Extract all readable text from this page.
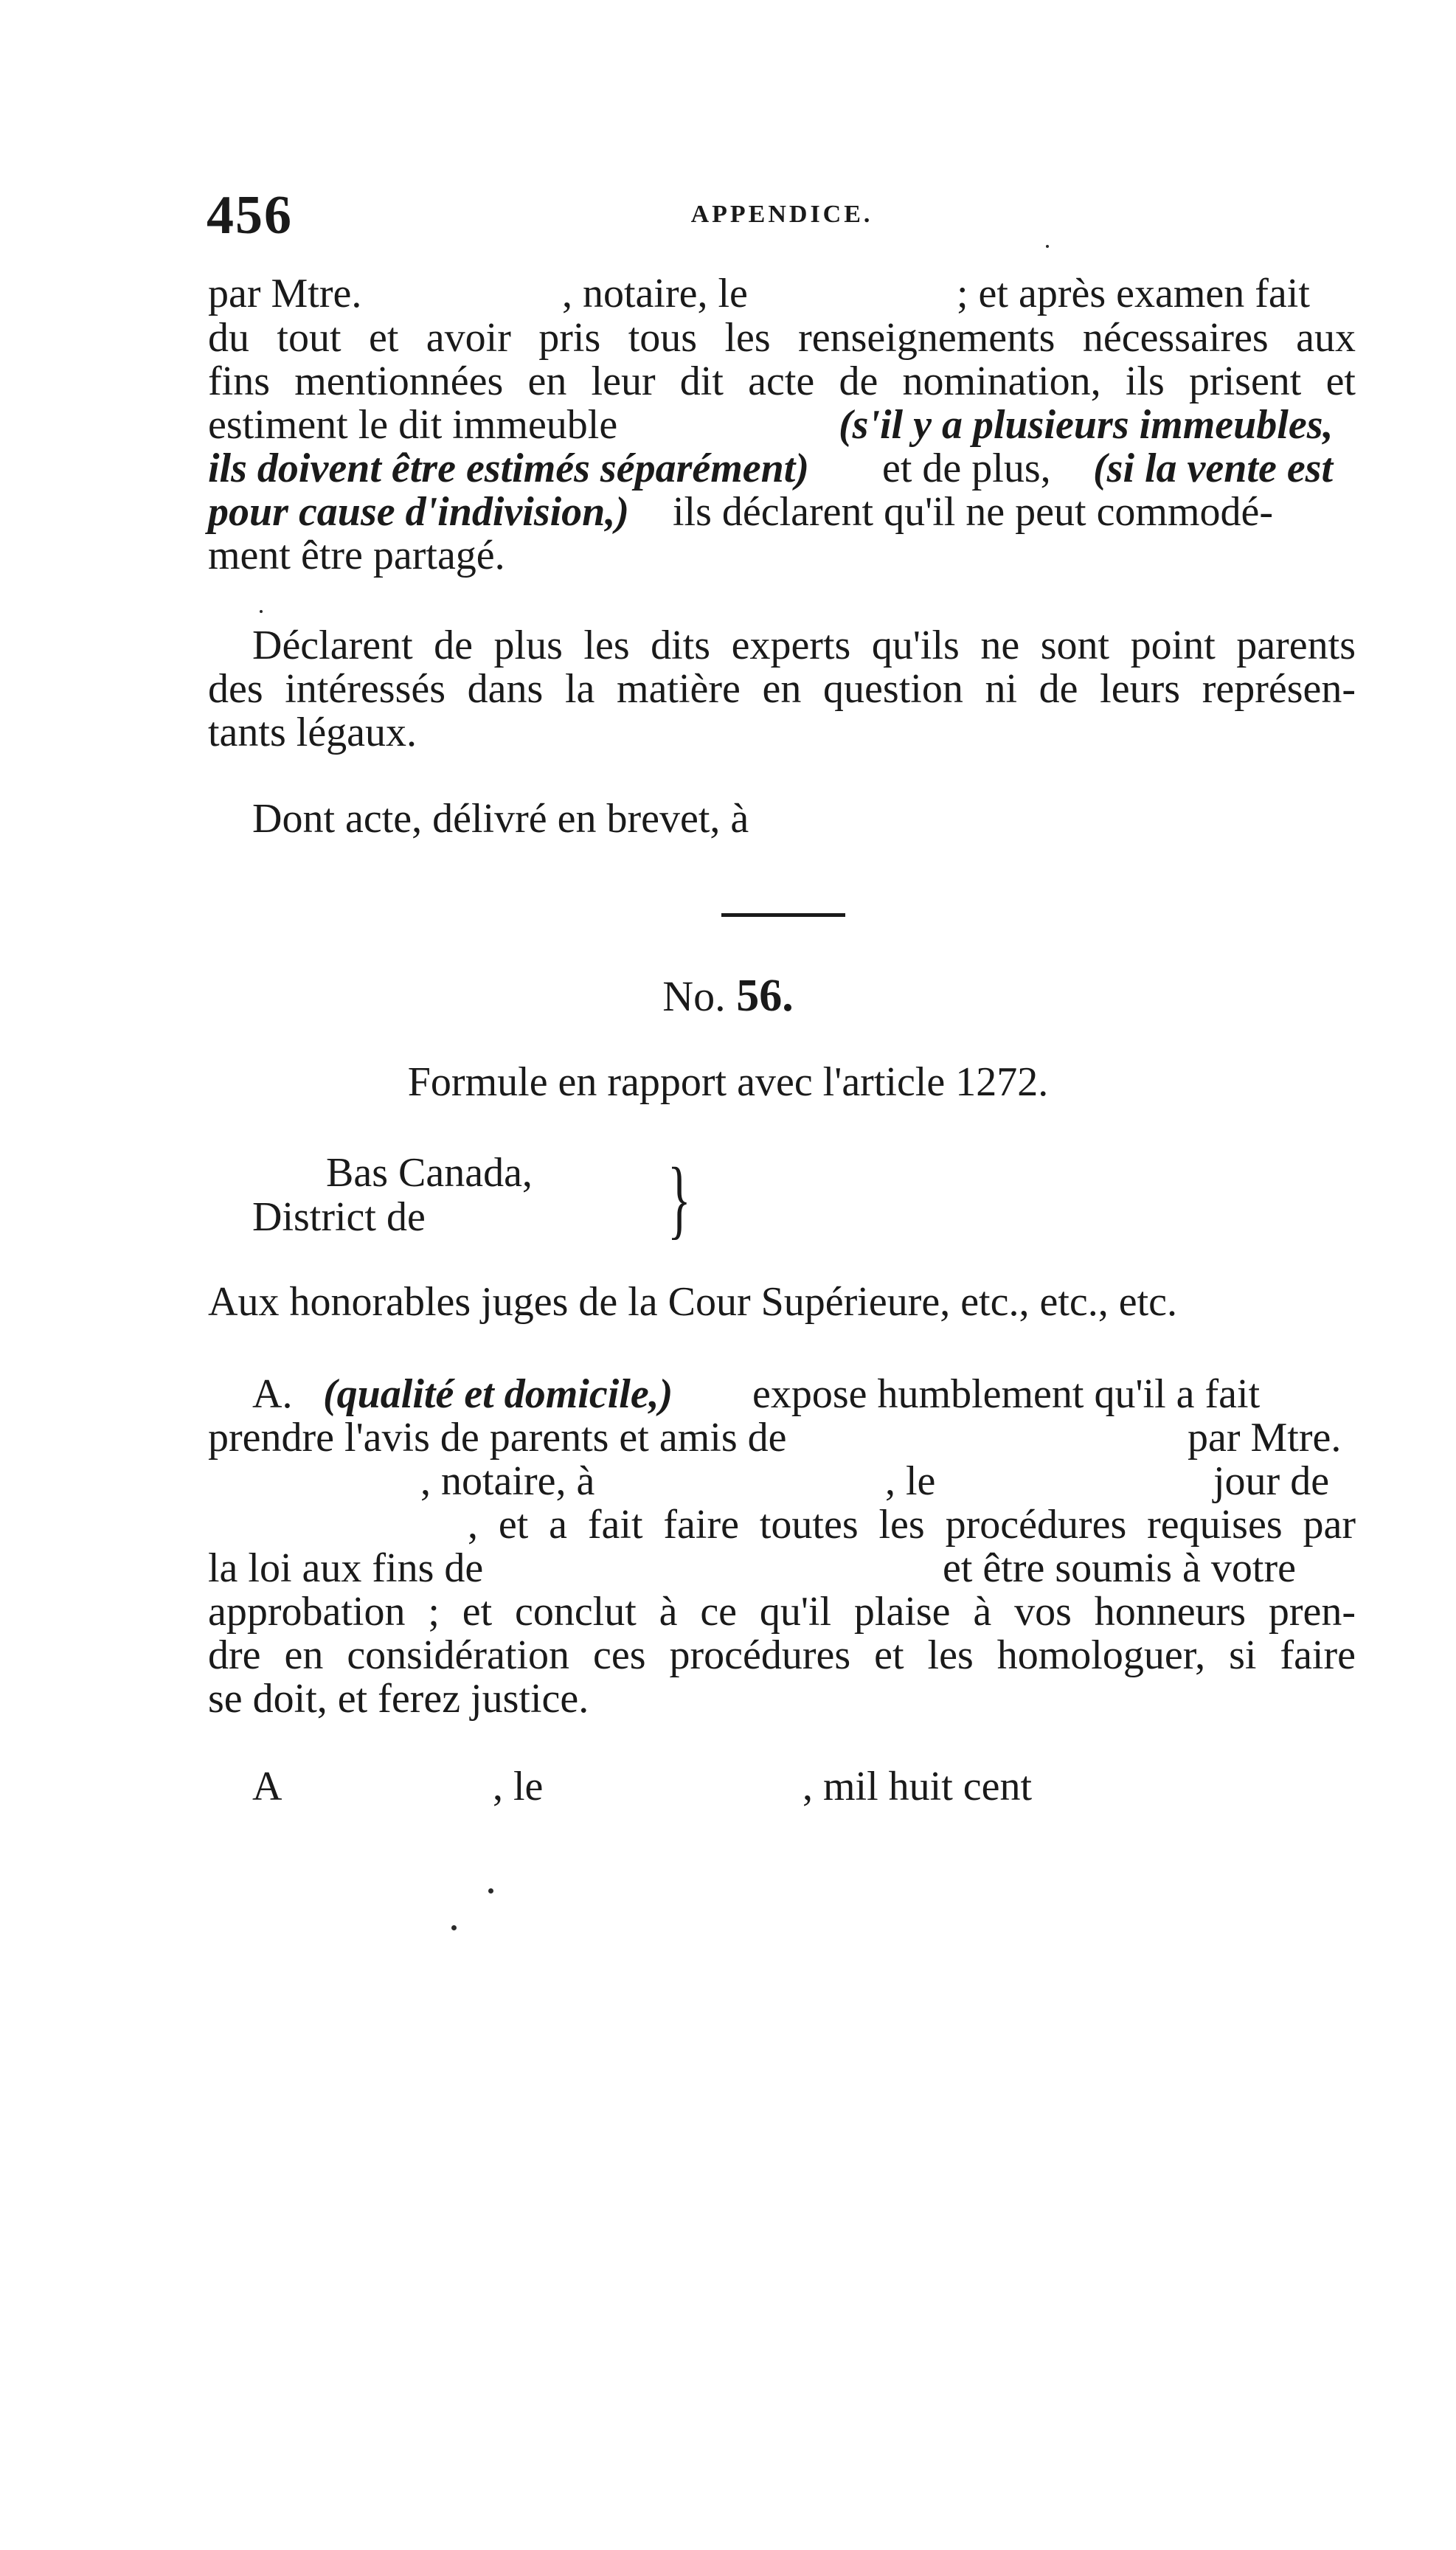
456	APPENDICE.
par Mtre.	, notaire, le	; et après examen fait
du tout et avoir pris tous les renseignements nécessaires aux
fins mentionnées en leur dit acte de nomination, ils prisent et
estiment le dit immeuble	(s'il y a plusieurs immeubles,
ils doivent être estimés séparément) et de plus, (si la vente est
pour cause d'indivision,) ils déclarent qu'il ne peut commodé-
ment être partagé.
Déclarent de plus les dits experts qu'ils ne sont point parents
des intéressés dans la matière en question ni de leurs représen-
tants légaux.
Dont acte, délivré en brevet, à
No. 56.
Formule en rapport avec l'article 1272.
Bas Canada,
District de	}
Aux honorables juges de la Cour Supérieure, etc., etc., etc.
A. (qualité et domicile,) expose humblement qu'il a fait
prendre l'avis de parents et amis de	par Mtre.
, notaire, à	, le	jour de
, et a fait faire toutes les procédures requises par
la loi aux fins de	et être soumis à votre
approbation ; et conclut à ce qu'il plaise à vos honneurs pren-
dre en considération ces procédures et les homologuer, si faire
se doit, et ferez justice.
A	, le	, mil huit cent
